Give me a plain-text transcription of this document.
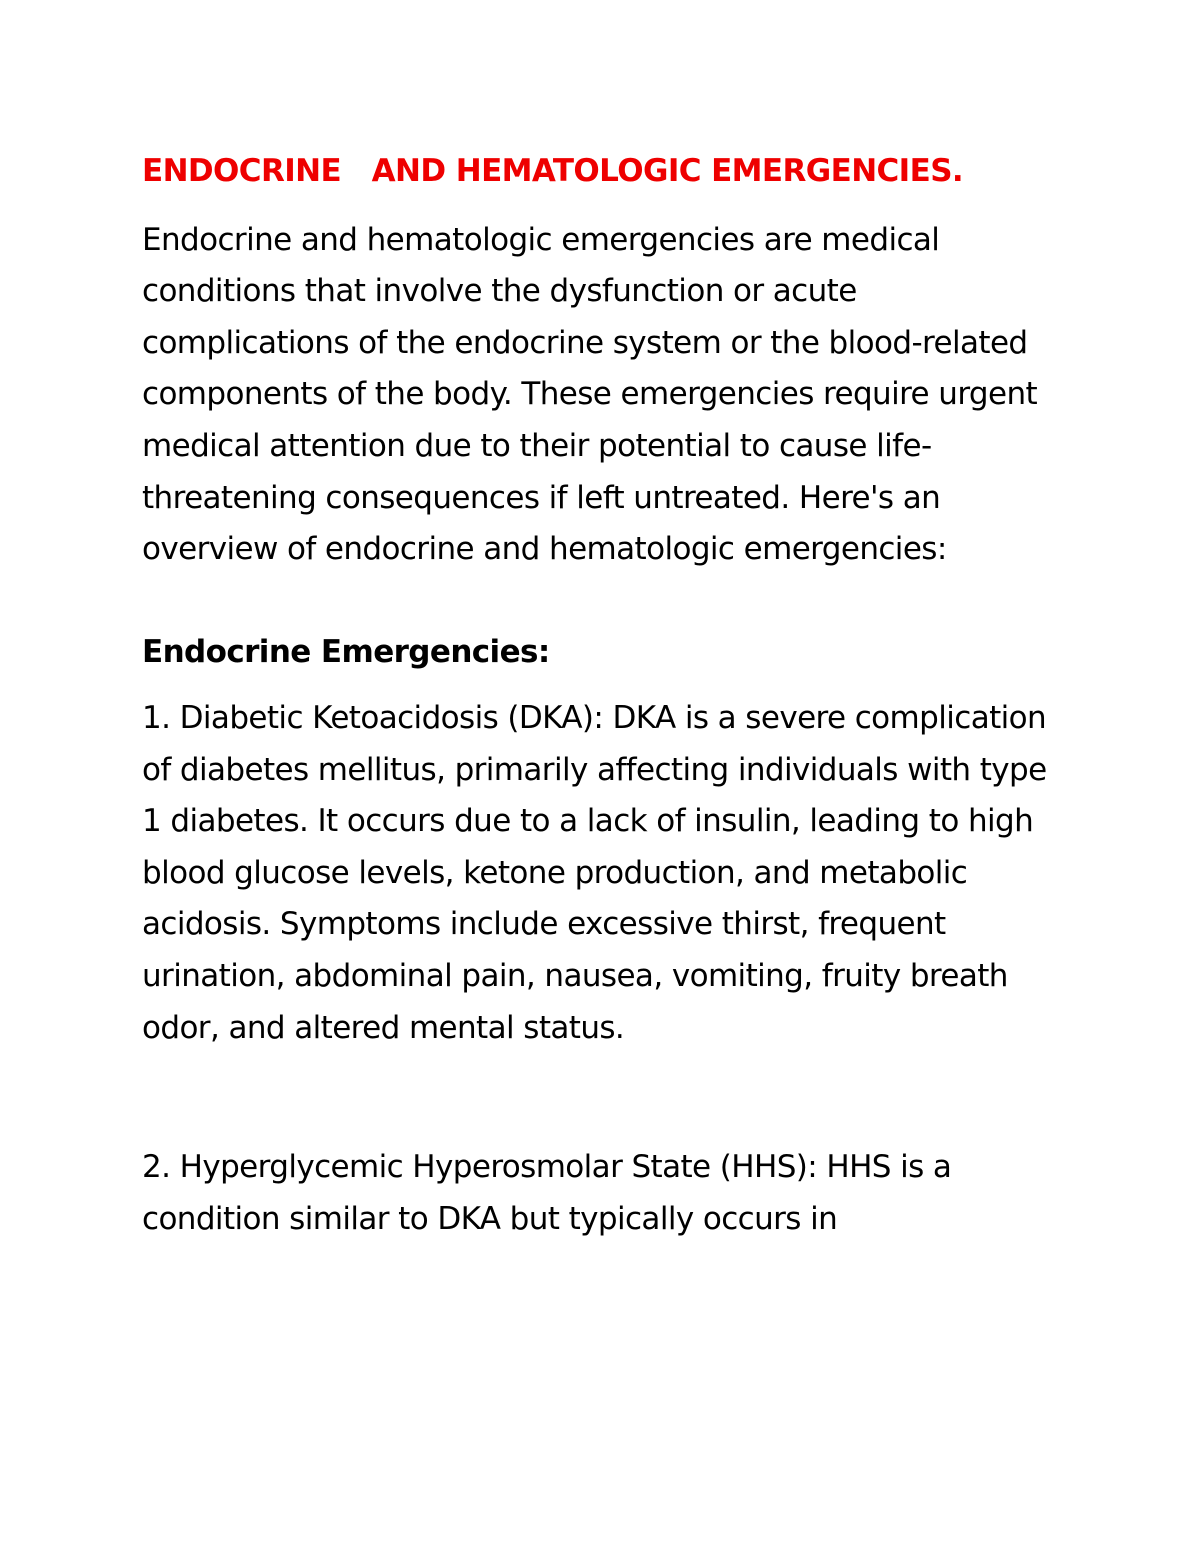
ENDOCRINE   AND HEMATOLOGIC EMERGENCIES.

Endocrine and hematologic emergencies are medical conditions that involve the dysfunction or acute complications of the endocrine system or the blood-related components of the body. These emergencies require urgent medical attention due to their potential to cause life-threatening consequences if left untreated. Here's an overview of endocrine and hematologic emergencies:

Endocrine Emergencies:

1. Diabetic Ketoacidosis (DKA): DKA is a severe complication of diabetes mellitus, primarily affecting individuals with type 1 diabetes. It occurs due to a lack of insulin, leading to high blood glucose levels, ketone production, and metabolic acidosis. Symptoms include excessive thirst, frequent urination, abdominal pain, nausea, vomiting, fruity breath odor, and altered mental status.

2. Hyperglycemic Hyperosmolar State (HHS): HHS is a condition similar to DKA but typically occurs in
